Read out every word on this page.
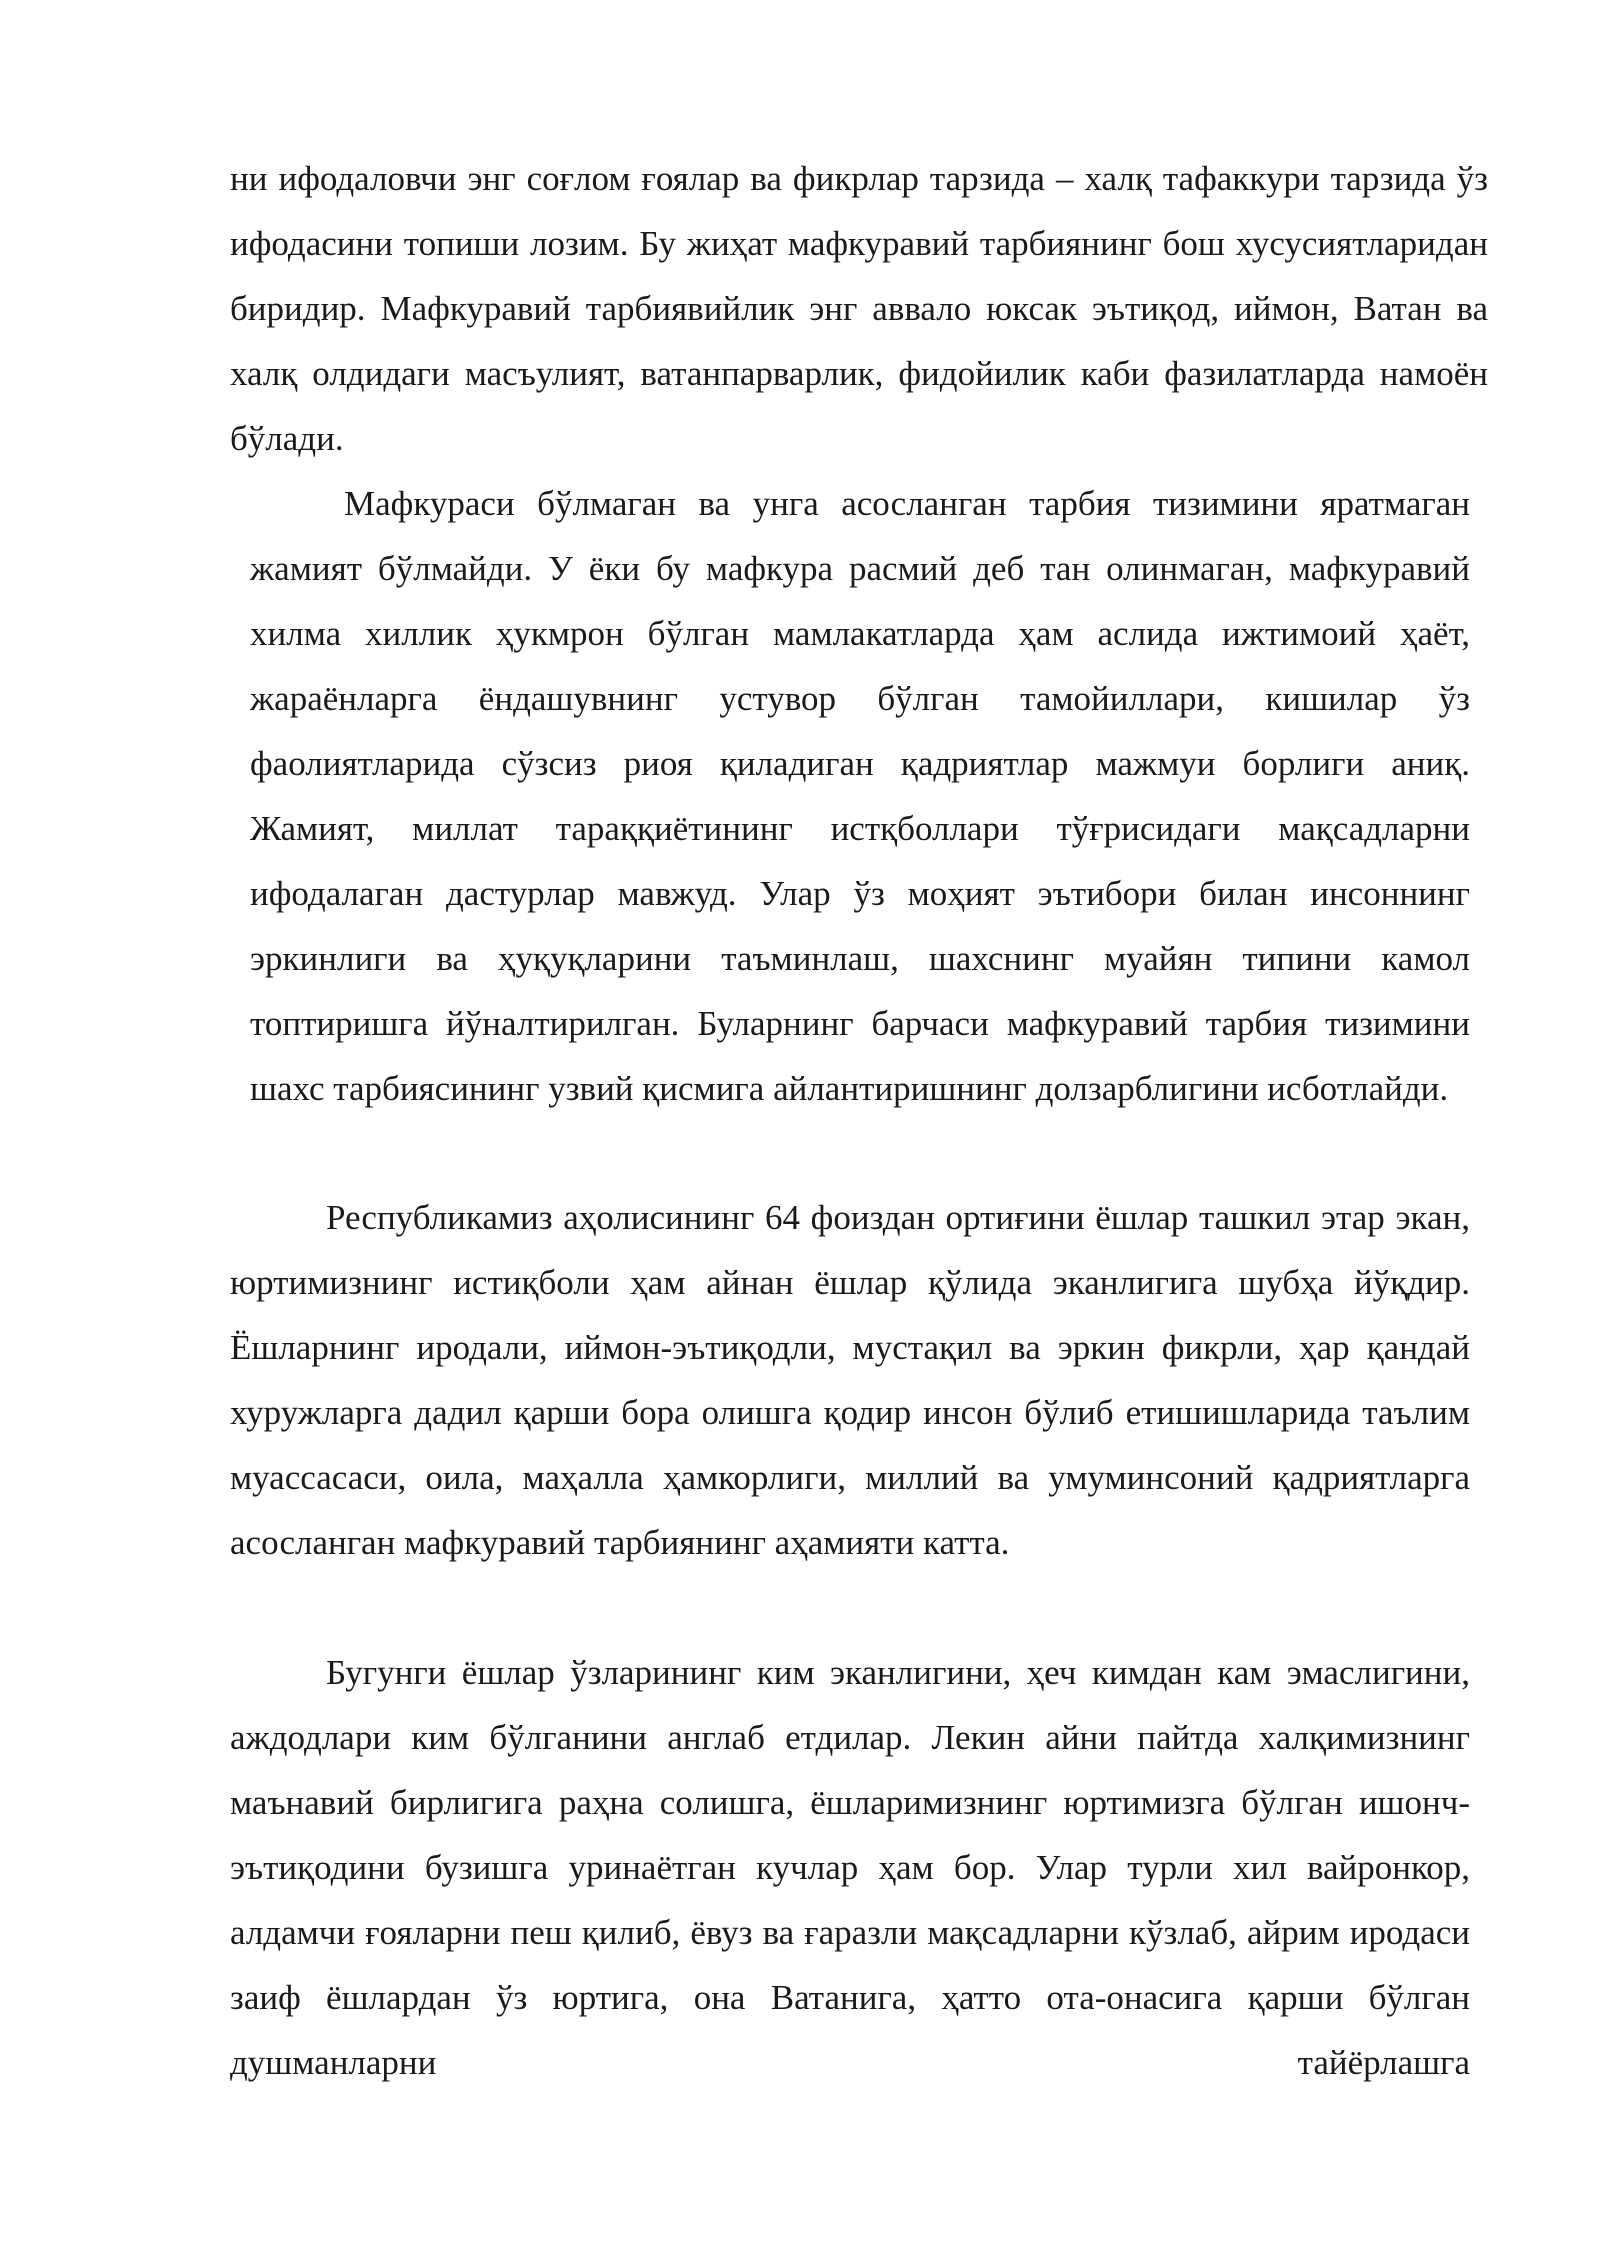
ни ифодаловчи энг соғлом ғоялар ва фикрлар тарзида – халқ тафаккури тарзида ўз ифодасини топиши лозим. Бу жиҳат мафкуравий тарбиянинг бош хусусиятларидан биридир. Мафкуравий тарбиявийлик энг аввало юксак эътиқод, иймон, Ватан ва халқ олдидаги масъулият, ватанпарварлик, фидойилик каби фазилатларда намоён бўлади.

Мафкураси бўлмаган ва унга асосланган тарбия тизимини яратмаган жамият бўлмайди. У ёки бу мафкура расмий деб тан олинмаган, мафкуравий хилма хиллик ҳукмрон бўлган мамлакатларда ҳам аслида ижтимоий ҳаёт, жараёнларга ёндашувнинг устувор бўлган тамойиллари, кишилар ўз фаолиятларида сўзсиз риоя қиладиган қадриятлар мажмуи борлиги аниқ. Жамият, миллат тараққиётининг истқболлари тўғрисидаги мақсадларни ифодалаган дастурлар мавжуд. Улар ўз моҳият эътибори билан инсоннинг эркинлиги ва ҳуқуқларини таъминлаш, шахснинг муайян типини камол топтиришга йўналтирилган. Буларнинг барчаси мафкуравий тарбия тизимини шахс тарбиясининг узвий қисмига айлантиришнинг долзарблигини исботлайди.

Республикамиз аҳолисининг 64 фоиздан ортиғини ёшлар ташкил этар экан, юртимизнинг истиқболи ҳам айнан ёшлар қўлида эканлигига шубҳа йўқдир. Ёшларнинг иродали, иймон-эътиқодли, мустақил ва эркин фикрли, ҳар қандай хуружларга дадил қарши бора олишга қодир инсон бўлиб етишишларида таълим муассасаси, оила, маҳалла ҳамкорлиги, миллий ва умуминсоний қадриятларга асосланган мафкуравий тарбиянинг аҳамияти катта.

Бугунги ёшлар ўзларининг ким эканлигини, ҳеч кимдан кам эмаслигини, аждодлари ким бўлганини англаб етдилар. Лекин айни пайтда халқимизнинг маънавий бирлигига раҳна солишга, ёшларимизнинг юртимизга бўлган ишонч-эътиқодини бузишга уринаётган кучлар ҳам бор. Улар турли хил вайронкор, алдамчи ғояларни пеш қилиб, ёвуз ва ғаразли мақсадларни кўзлаб, айрим иродаси заиф ёшлардан ўз юртига, она Ватанига, ҳатто ота-онасига қарши бўлган душманларни тайёрлашга
